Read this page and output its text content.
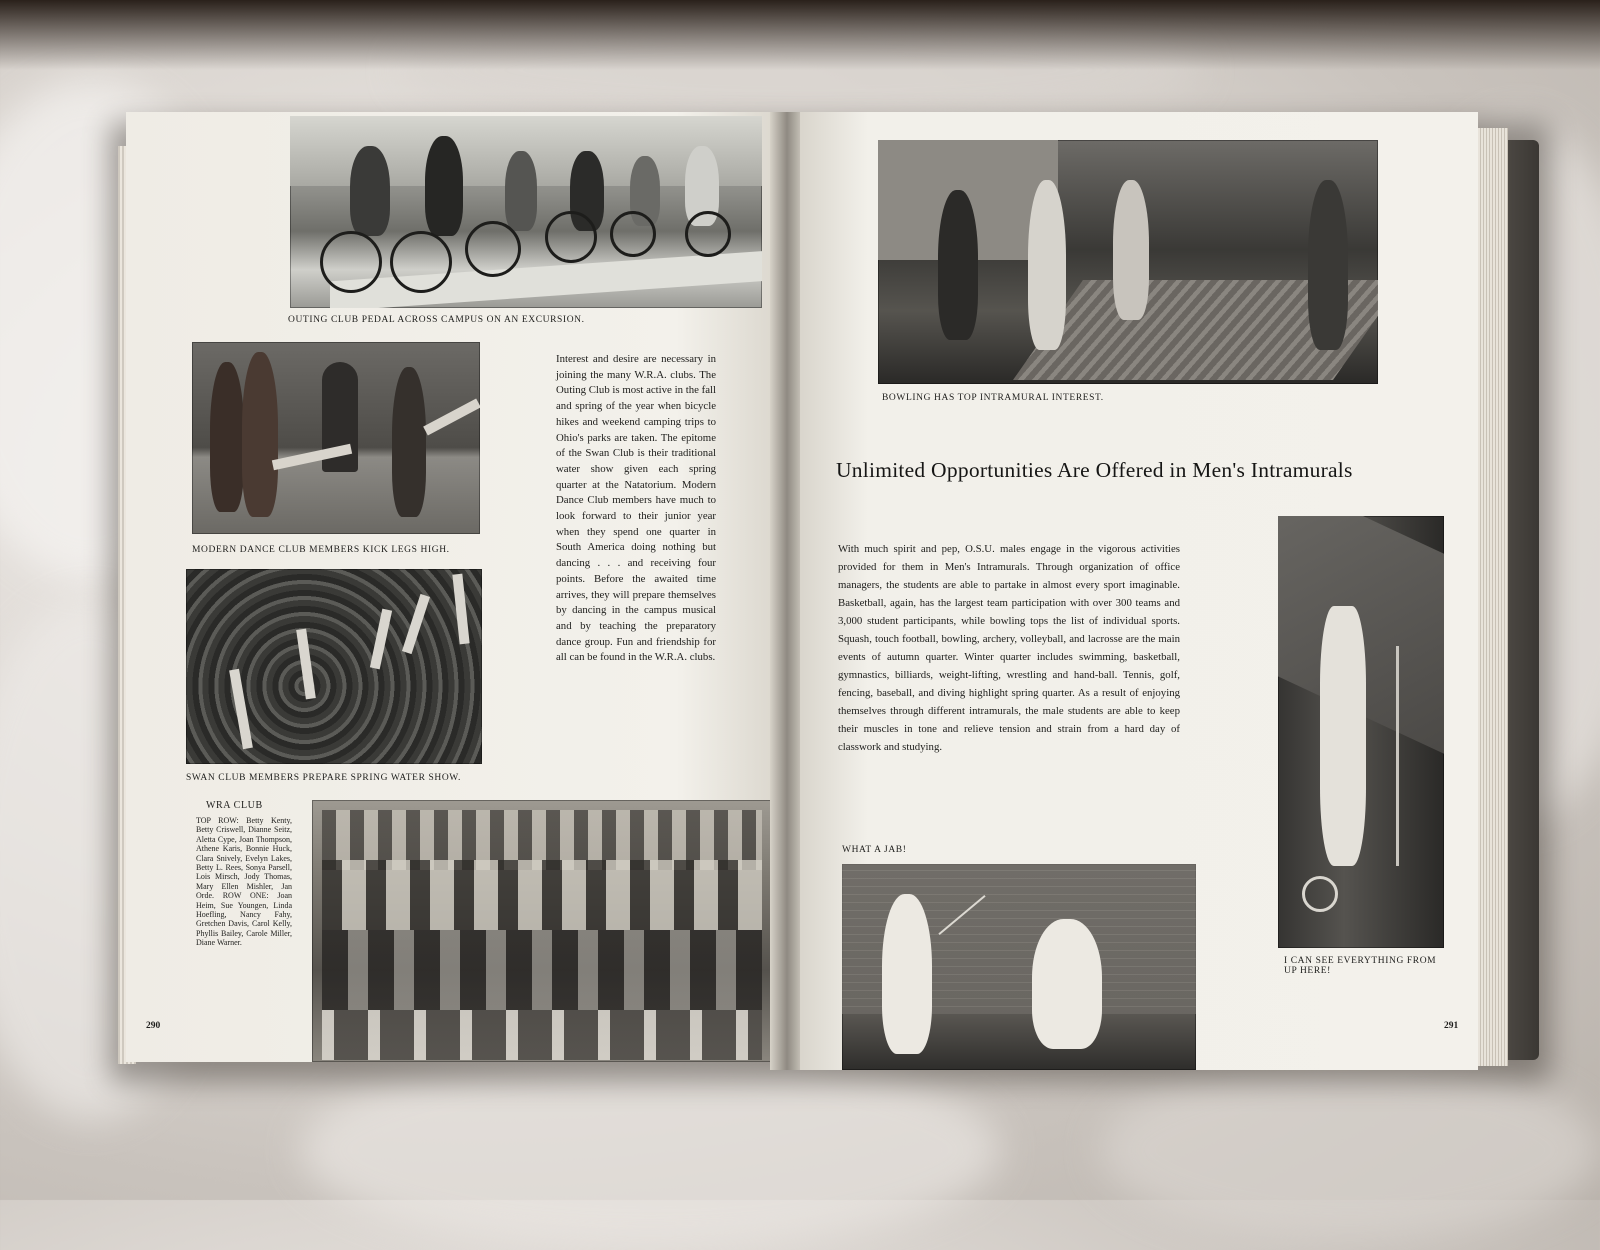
OUTING CLUB PEDAL ACROSS CAMPUS ON AN EXCURSION.
MODERN DANCE CLUB MEMBERS KICK LEGS HIGH.
SWAN CLUB MEMBERS PREPARE SPRING WATER SHOW.
Interest and desire are necessary in joining the many W.R.A. clubs. The Outing Club is most active in the fall and spring of the year when bicycle hikes and weekend camping trips to Ohio's parks are taken. The epitome of the Swan Club is their traditional water show given each spring quarter at the Natatorium. Modern Dance Club members have much to look forward to their junior year when they spend one quarter in South America doing nothing but dancing . . . and receiving four points. Before the awaited time arrives, they will prepare themselves by dancing in the campus musical and by teaching the preparatory dance group. Fun and friendship for all can be found in the W.R.A. clubs.
WRA CLUB
TOP ROW: Betty Kenty, Betty Criswell, Dianne Seitz, Aletta Cype, Joan Thompson, Athene Karis, Bonnie Huck, Clara Snively, Evelyn Lakes, Betty L. Rees, Sonya Parsell, Lois Mirsch, Jody Thomas, Mary Ellen Mishler, Jan Orde. ROW ONE: Joan Heim, Sue Youngen, Linda Hoefling, Nancy Fahy, Gretchen Davis, Carol Kelly, Phyllis Bailey, Carole Miller, Diane Warner.
290
BOWLING HAS TOP INTRAMURAL INTEREST.
Unlimited Opportunities Are Offered in Men's Intramurals
With much spirit and pep, O.S.U. males engage in the vigorous activities provided for them in Men's Intramurals. Through organization of office managers, the students are able to partake in almost every sport imaginable. Basketball, again, has the largest team participation with over 300 teams and 3,000 student participants, while bowling tops the list of individual sports. Squash, touch football, bowling, archery, volleyball, and lacrosse are the main events of autumn quarter. Winter quarter includes swimming, basketball, gymnastics, billiards, weight-lifting, wrestling and hand-ball. Tennis, golf, fencing, baseball, and diving highlight spring quarter. As a result of enjoying themselves through different intramurals, the male students are able to keep their muscles in tone and relieve tension and strain from a hard day of classwork and studying.
I CAN SEE EVERYTHING FROM UP HERE!
WHAT A JAB!
291
